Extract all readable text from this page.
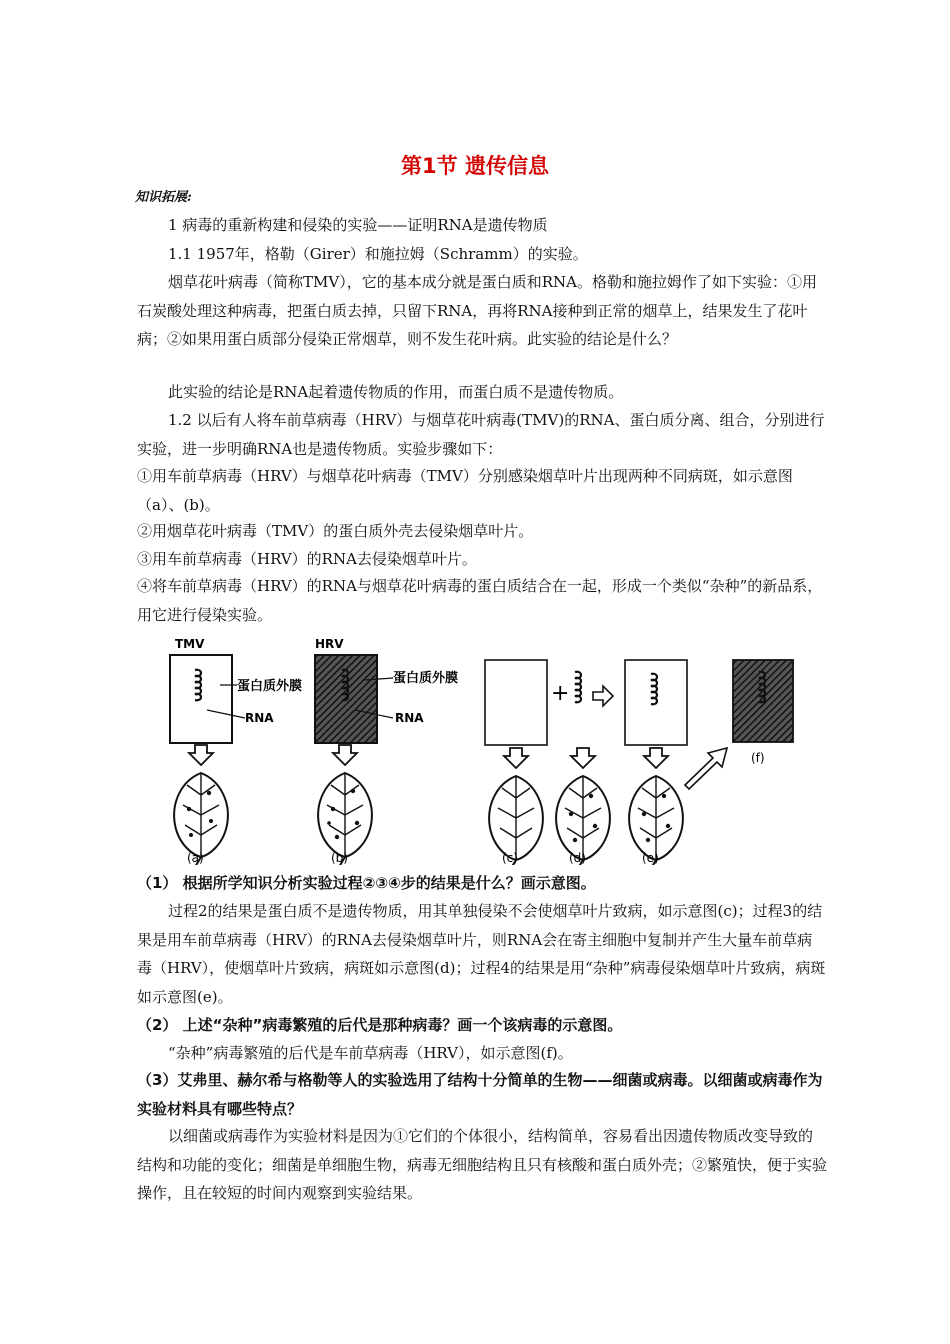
第1节 遗传信息
知识拓展:
1 病毒的重新构建和侵染的实验——证明RNA是遗传物质
1.1 1957年，格勒（Girer）和施拉姆（Schramm）的实验。
烟草花叶病毒（简称TMV），它的基本成分就是蛋白质和RNA。格勒和施拉姆作了如下实验：①用石炭酸处理这种病毒，把蛋白质去掉，只留下RNA，再将RNA接种到正常的烟草上，结果发生了花叶病；②如果用蛋白质部分侵染正常烟草，则不发生花叶病。此实验的结论是什么？
此实验的结论是RNA起着遗传物质的作用，而蛋白质不是遗传物质。
1.2 以后有人将车前草病毒（HRV）与烟草花叶病毒(TMV)的RNA、蛋白质分离、组合，分别进行实验，进一步明确RNA也是遗传物质。实验步骤如下：
①用车前草病毒（HRV）与烟草花叶病毒（TMV）分别感染烟草叶片出现两种不同病斑，如示意图（a）、(b)。
②用烟草花叶病毒（TMV）的蛋白质外壳去侵染烟草叶片。
③用车前草病毒（HRV）的RNA去侵染烟草叶片。
④将车前草病毒（HRV）的RNA与烟草花叶病毒的蛋白质结合在一起，形成一个类似“杂种”的新品系，用它进行侵染实验。
TMV
蛋白质外膜
RNA
HRV
蛋白质外膜
RNA
+
(f)
(a)	(b)	(c)	(d)	(e)
（1） 根据所学知识分析实验过程②③④步的结果是什么？画示意图。
过程2的结果是蛋白质不是遗传物质，用其单独侵染不会使烟草叶片致病，如示意图(c)；过程3的结果是用车前草病毒（HRV）的RNA去侵染烟草叶片，则RNA会在寄主细胞中复制并产生大量车前草病毒（HRV），使烟草叶片致病，病斑如示意图(d)；过程4的结果是用“杂种”病毒侵染烟草叶片致病，病斑如示意图(e)。
（2） 上述“杂种”病毒繁殖的后代是那种病毒？画一个该病毒的示意图。
“杂种”病毒繁殖的后代是车前草病毒（HRV），如示意图(f)。
（3）艾弗里、赫尔希与格勒等人的实验选用了结构十分简单的生物——细菌或病毒。以细菌或病毒作为实验材料具有哪些特点？
以细菌或病毒作为实验材料是因为①它们的个体很小，结构简单，容易看出因遗传物质改变导致的结构和功能的变化；细菌是单细胞生物，病毒无细胞结构且只有核酸和蛋白质外壳；②繁殖快，便于实验操作，且在较短的时间内观察到实验结果。
